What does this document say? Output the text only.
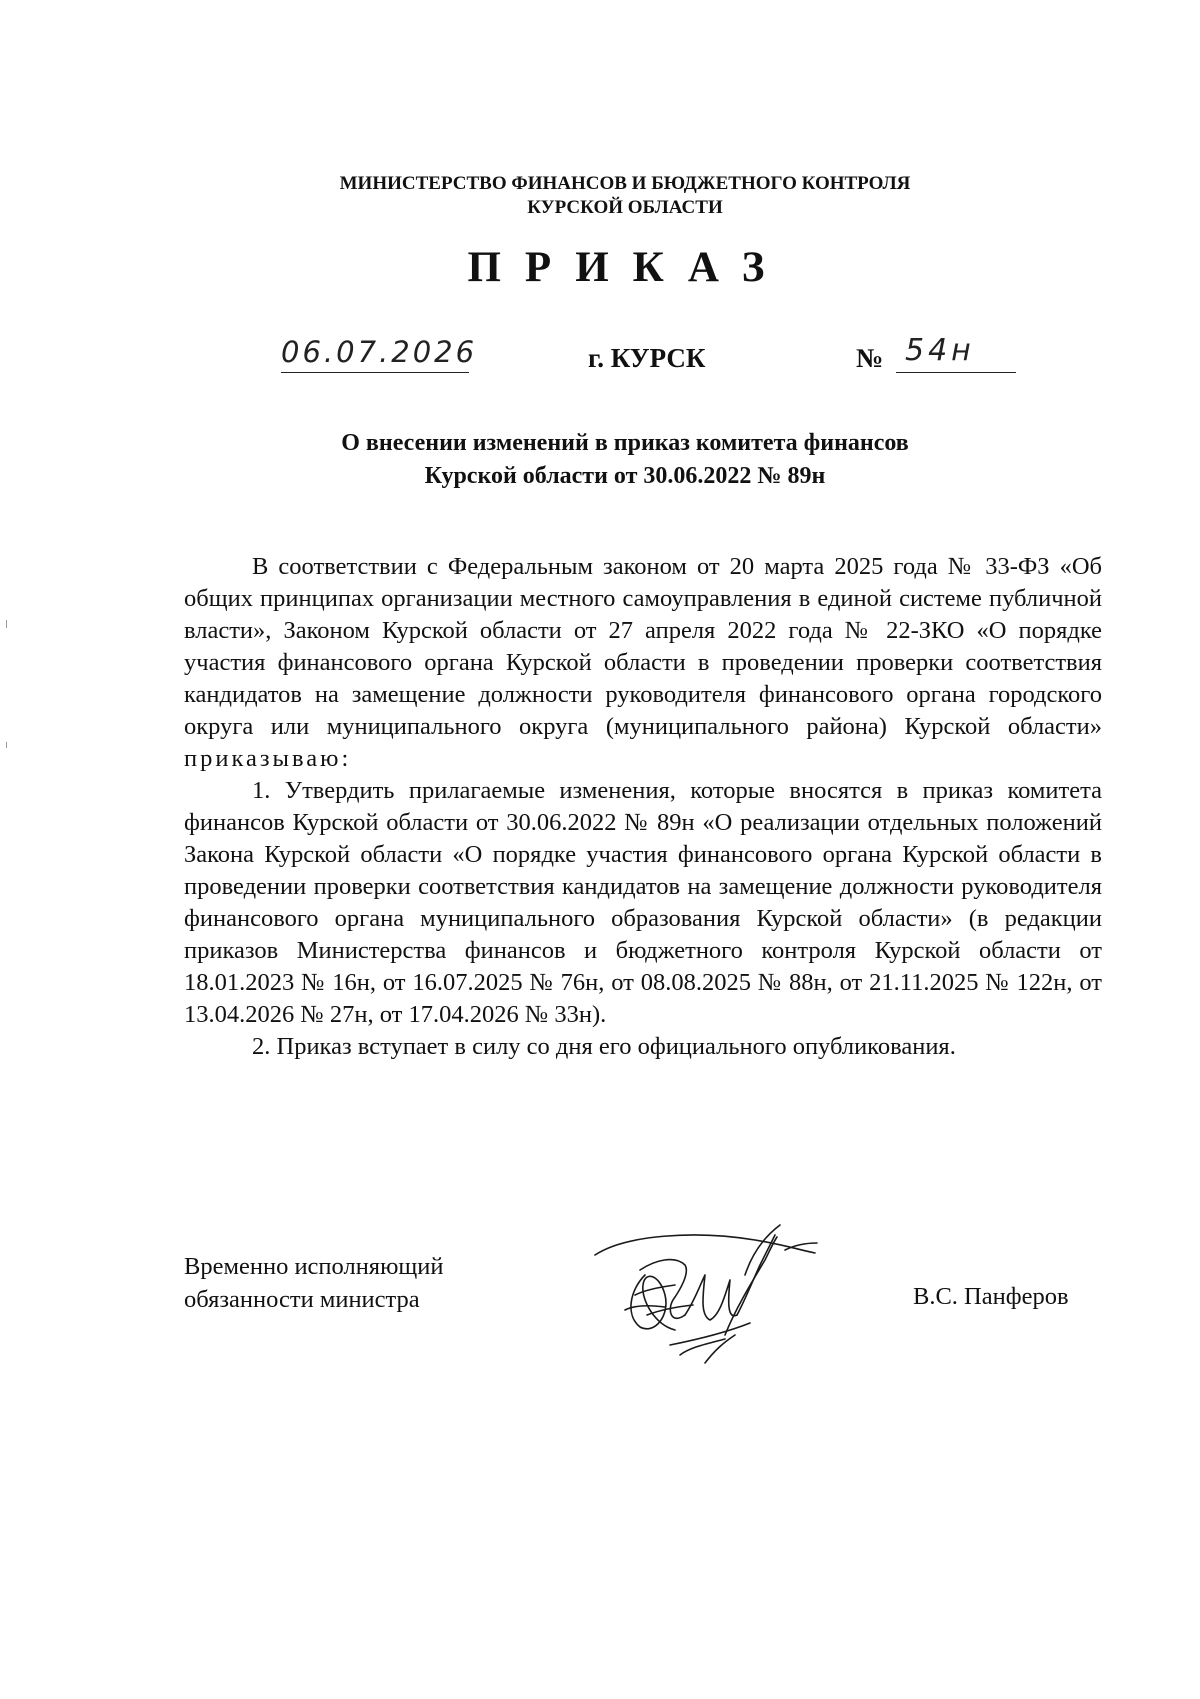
МИНИСТЕРСТВО ФИНАНСОВ И БЮДЖЕТНОГО КОНТРОЛЯ
КУРСКОЙ ОБЛАСТИ
ПРИКАЗ
06.07.2026	г. КУРСК	№ 54н
О внесении изменений в приказ комитета финансов
Курской области от 30.06.2022 № 89н

В соответствии с Федеральным законом от 20 марта 2025 года № 33-ФЗ «Об общих принципах организации местного самоуправления в единой системе публичной власти», Законом Курской области от 27 апреля 2022 года № 22-ЗКО «О порядке участия финансового органа Курской области в проведении проверки соответствия кандидатов на замещение должности руководителя финансового органа городского округа или муниципального округа (муниципального района) Курской области» приказываю:

1. Утвердить прилагаемые изменения, которые вносятся в приказ комитета финансов Курской области от 30.06.2022 № 89н «О реализации отдельных положений Закона Курской области «О порядке участия финансового органа Курской области в проведении проверки соответствия кандидатов на замещение должности руководителя финансового органа муниципального образования Курской области» (в редакции приказов Министерства финансов и бюджетного контроля Курской области от 18.01.2023 № 16н, от 16.07.2025 № 76н, от 08.08.2025 № 88н, от 21.11.2025 № 122н, от 13.04.2026 № 27н, от 17.04.2026 № 33н).

2. Приказ вступает в силу со дня его официального опубликования.

Временно исполняющий
обязанности министра	В.С. Панферов
